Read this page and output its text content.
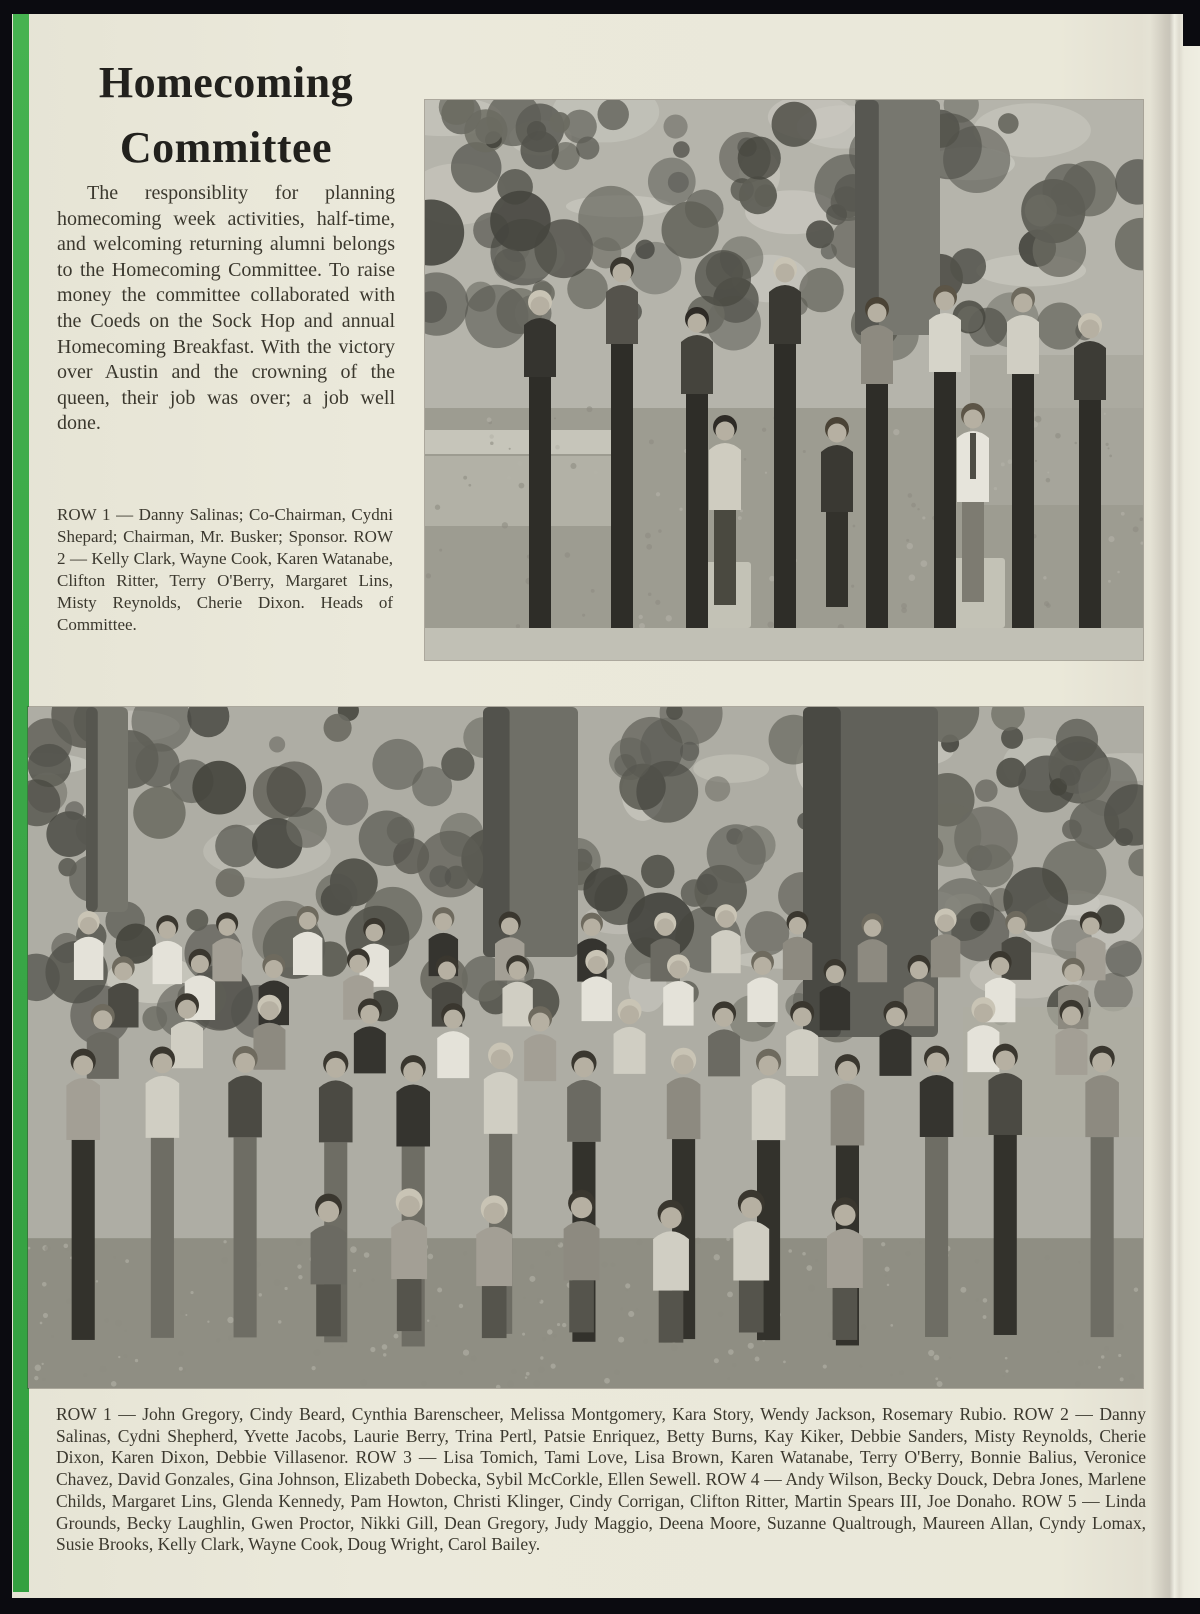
Homecoming
Committee
The responsiblity for planning homecoming week activities, half-time, and welcoming returning alumni belongs to the Homecoming Committee. To raise money the committee collaborated with the Coeds on the Sock Hop and annual Homecoming Breakfast. With the victory over Austin and the crowning of the queen, their job was over; a job well done.
ROW 1 — Danny Salinas; Co-Chairman, Cydni Shepard; Chairman, Mr. Busker; Sponsor. ROW 2 — Kelly Clark, Wayne Cook, Karen Watanabe, Clifton Ritter, Terry O'Berry, Margaret Lins, Misty Reynolds, Cherie Dixon. Heads of Committee.
ROW 1 — John Gregory, Cindy Beard, Cynthia Barenscheer, Melissa Montgomery, Kara Story, Wendy Jackson, Rosemary Rubio. ROW 2 — Danny Salinas, Cydni Shepherd, Yvette Jacobs, Laurie Berry, Trina Pertl, Patsie Enriquez, Betty Burns, Kay Kiker, Debbie Sanders, Misty Reynolds, Cherie Dixon, Karen Dixon, Debbie Villasenor. ROW 3 — Lisa Tomich, Tami Love, Lisa Brown, Karen Watanabe, Terry O'Berry, Bonnie Balius, Veronice Chavez, David Gonzales, Gina Johnson, Elizabeth Dobecka, Sybil McCorkle, Ellen Sewell. ROW 4 — Andy Wilson, Becky Douck, Debra Jones, Marlene Childs, Margaret Lins, Glenda Kennedy, Pam Howton, Christi Klinger, Cindy Corrigan, Clifton Ritter, Martin Spears III, Joe Donaho. ROW 5 — Linda Grounds, Becky Laughlin, Gwen Proctor, Nikki Gill, Dean Gregory, Judy Maggio, Deena Moore, Suzanne Qualtrough, Maureen Allan, Cyndy Lomax, Susie Brooks, Kelly Clark, Wayne Cook, Doug Wright, Carol Bailey.
